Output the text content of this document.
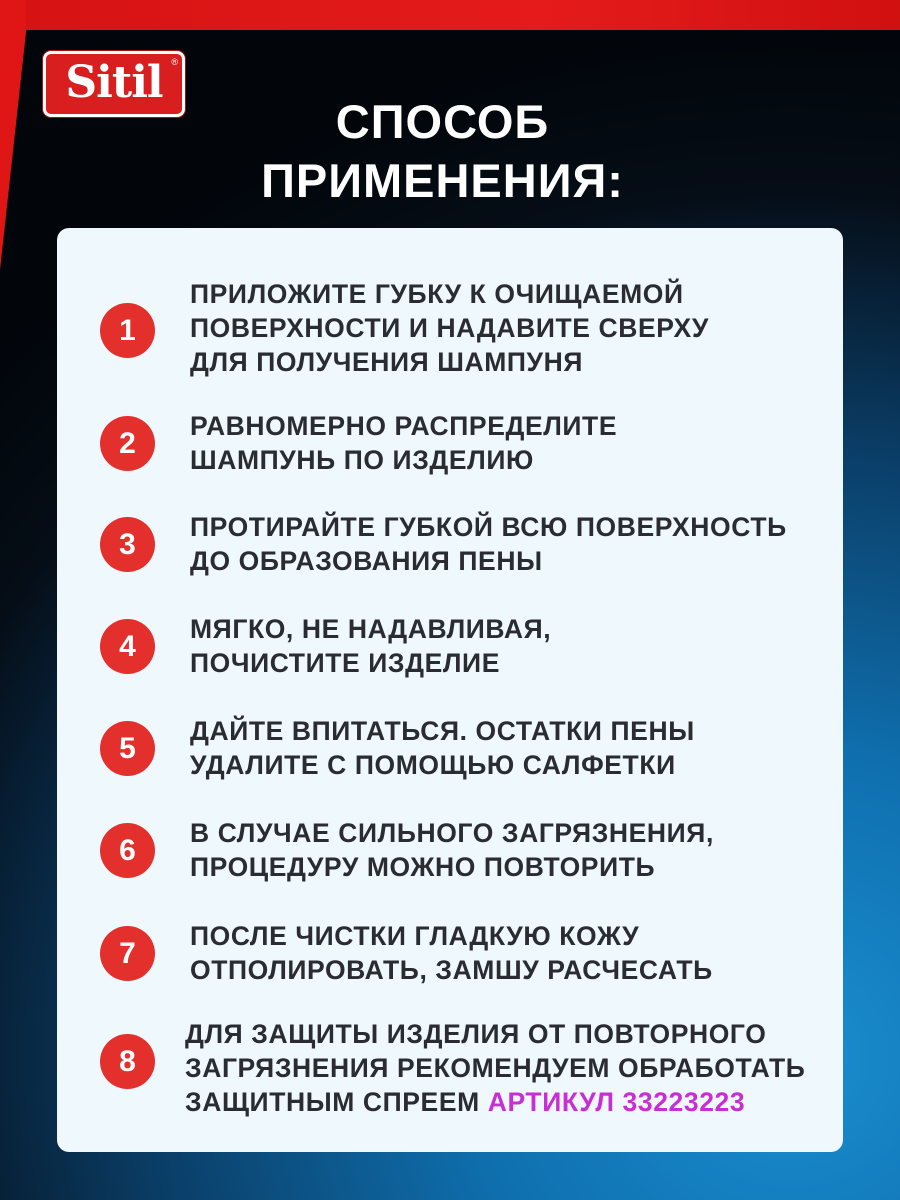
Sitil ®
СПОСОБ
ПРИМЕНЕНИЯ:
1
ПРИЛОЖИТЕ ГУБКУ К ОЧИЩАЕМОЙ
ПОВЕРХНОСТИ И НАДАВИТЕ СВЕРХУ
ДЛЯ ПОЛУЧЕНИЯ ШАМПУНЯ
2
РАВНОМЕРНО РАСПРЕДЕЛИТЕ
ШАМПУНЬ ПО ИЗДЕЛИЮ
3
ПРОТИРАЙТЕ ГУБКОЙ ВСЮ ПОВЕРХНОСТЬ
ДО ОБРАЗОВАНИЯ ПЕНЫ
4
МЯГКО, НЕ НАДАВЛИВАЯ,
ПОЧИСТИТЕ ИЗДЕЛИЕ
5
ДАЙТЕ ВПИТАТЬСЯ. ОСТАТКИ ПЕНЫ
УДАЛИТЕ С ПОМОЩЬЮ САЛФЕТКИ
6
В СЛУЧАЕ СИЛЬНОГО ЗАГРЯЗНЕНИЯ,
ПРОЦЕДУРУ МОЖНО ПОВТОРИТЬ
7
ПОСЛЕ ЧИСТКИ ГЛАДКУЮ КОЖУ
ОТПОЛИРОВАТЬ, ЗАМШУ РАСЧЕСАТЬ
8
ДЛЯ ЗАЩИТЫ ИЗДЕЛИЯ ОТ ПОВТОРНОГО
ЗАГРЯЗНЕНИЯ РЕКОМЕНДУЕМ ОБРАБОТАТЬ
ЗАЩИТНЫМ СПРЕЕМ АРТИКУЛ 33223223
